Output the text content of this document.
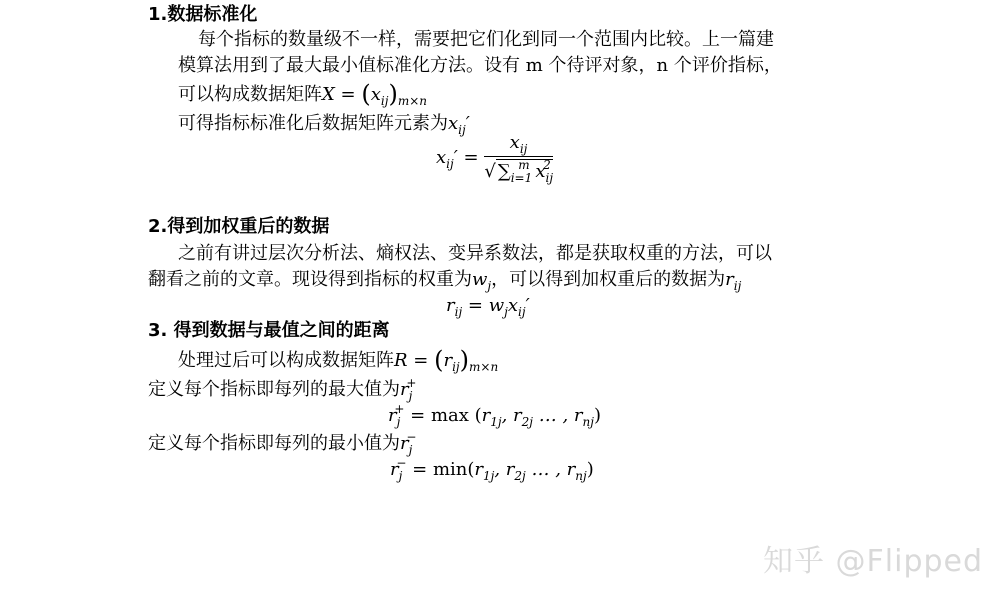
1.数据标准化
每个指标的数量级不一样，需要把它们化到同一个范围内比较。上一篇建
模算法用到了最大最小值标准化方法。设有 m 个待评对象，n 个评价指标，
可以构成数据矩阵$X = (x_{ij})_{m\times n}$
可得指标标准化后数据矩阵元素为$x_{ij}'$
$x_{ij}' = \frac{x_{ij}}{√ \sum_{i=1}^m x_{ij}^2}$
2.得到加权重后的数据
之前有讲过层次分析法、熵权法、变异系数法，都是获取权重的方法，可以
翻看之前的文章。现设得到指标的权重为$w_j$，可以得到加权重后的数据为$r_{ij}$
$r_{ij} = w_jx_{ij}'$
3. 得到数据与最值之间的距离
处理过后可以构成数据矩阵$R = (r_{ij})_{m\times n}$
定义每个指标即每列的最大值为$r_j^+$
$r_j^+ = \max (r_{1j}$, $r_{2j}$ … , $r_{nj}$)
定义每个指标即每列的最小值为$r_j^-$
$r_j^- = \min(r_{1j}$, $r_{2j}$ … , $r_{nj}$)
知乎 @Flipped
